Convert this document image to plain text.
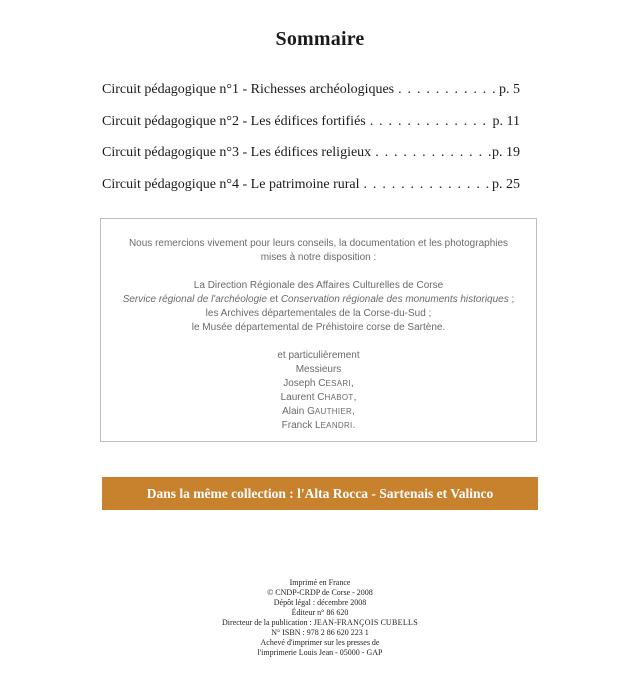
Sommaire
Circuit pédagogique n°1 - Richesses archéologiques . . .	p. 5
Circuit pédagogique n°2 - Les édifices fortifiés . . .	p. 11
Circuit pédagogique n°3 - Les édifices religieux . . .	p. 19
Circuit pédagogique n°4 - Le patrimoine rural . . .	p. 25

Nous remercions vivement pour leurs conseils, la documentation et les photographies

mises à notre disposition :

La Direction Régionale des Affaires Culturelles de Corse

Service régional de l'archéologie et Conservation régionale des monuments historiques ;

les Archives départementales de la Corse-du-Sud ;

le Musée départemental de Préhistoire corse de Sartène.

et particulièrement

Messieurs

Joseph CESARI,

Laurent CHABOT,

Alain GAUTHIER,

Franck LEANDRI.

Dans la même collection : l'Alta Rocca - Sartenais et Valinco

Imprimé en France

© CNDP-CRDP de Corse - 2008

Dépôt légal : décembre 2008

Éditeur n° 86 620

Directeur de la publication : JEAN-FRANÇOIS CUBELLS

N° ISBN : 978 2 86 620 223 1

Achevé d'imprimer sur les presses de

l'imprimerie Louis Jean - 05000 - GAP
